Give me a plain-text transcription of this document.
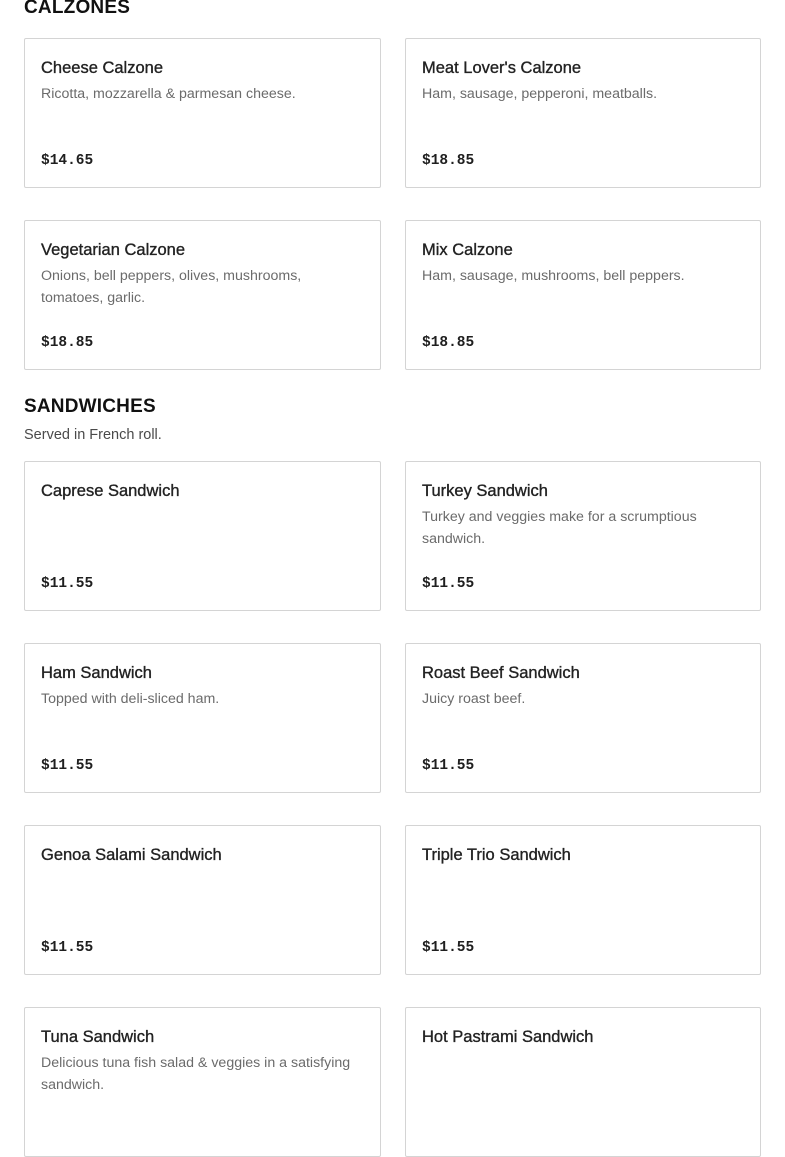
CALZONES
Cheese Calzone
Ricotta, mozzarella & parmesan cheese.
$14.65
Meat Lover's Calzone
Ham, sausage, pepperoni, meatballs.
$18.85
Vegetarian Calzone
Onions, bell peppers, olives, mushrooms, tomatoes, garlic.
$18.85
Mix Calzone
Ham, sausage, mushrooms, bell peppers.
$18.85
SANDWICHES
Served in French roll.
Caprese Sandwich
$11.55
Turkey Sandwich
Turkey and veggies make for a scrumptious sandwich.
$11.55
Ham Sandwich
Topped with deli-sliced ham.
$11.55
Roast Beef Sandwich
Juicy roast beef.
$11.55
Genoa Salami Sandwich
$11.55
Triple Trio Sandwich
$11.55
Tuna Sandwich
Delicious tuna fish salad & veggies in a satisfying sandwich.
Hot Pastrami Sandwich
